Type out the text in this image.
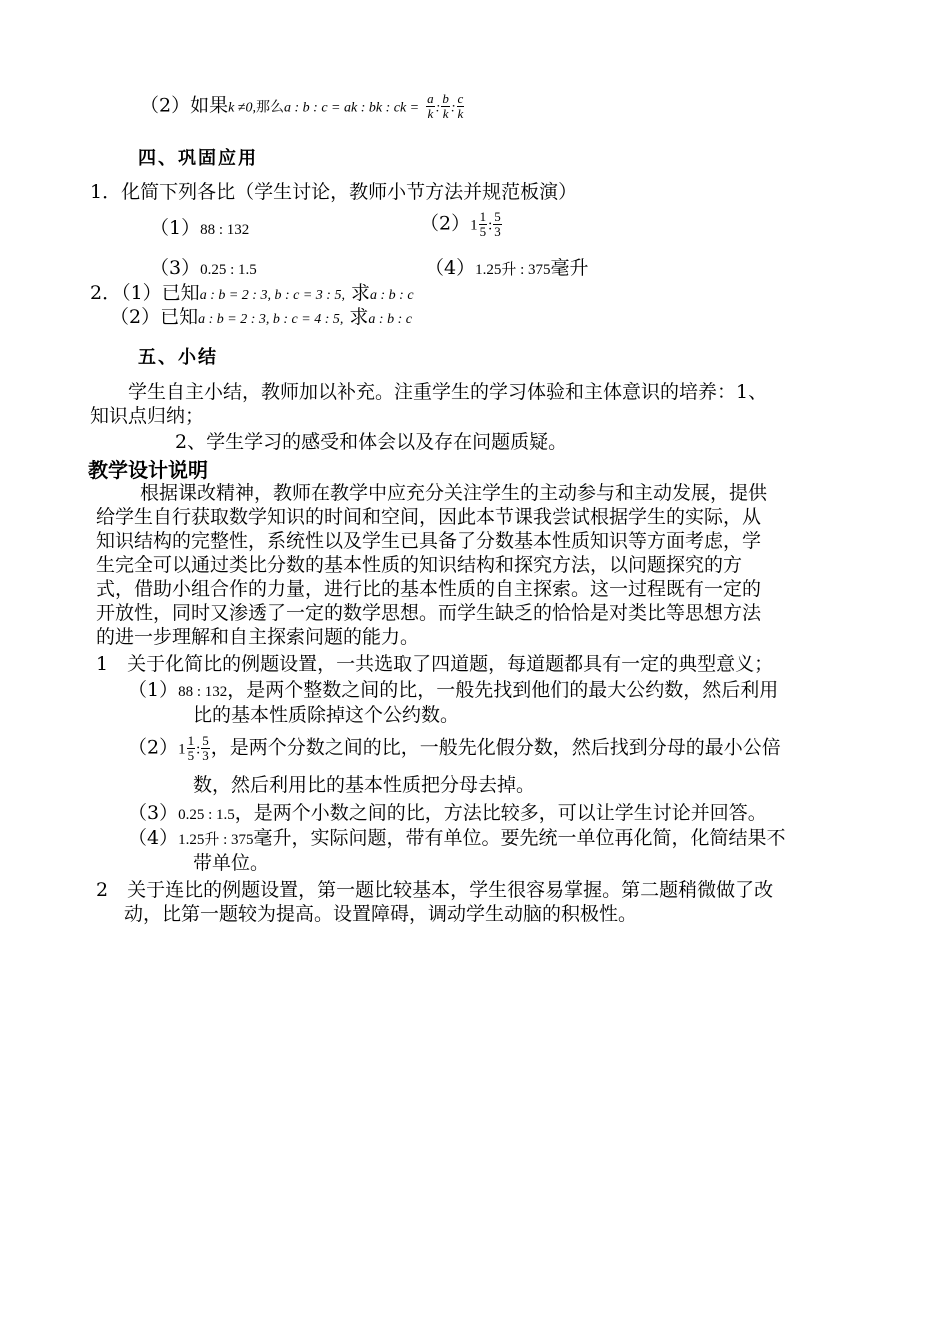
（2）如果k ≠0,那么a : b : c = ak : bk : ck = $\frac{a}{k}$ : $\frac{b}{k}$ : $\frac{c}{k}$
四、巩固应用
1．化简下列各比（学生讨论，教师小节方法并规范板演）
（1）88 : 132	$(2)1 \frac{1}{5}$ : $\frac{5}{3}$
（3）0.25 : 1.5	（4）1.25升 : 375毫升
2．（1）已知a : b = 2 : 3, b : c = 3 : 5, 求a : b : c
（2）已知a : b = 2 : 3, b : c = 4 : 5, 求a : b : c
五、小结
学生自主小结，教师加以补充。注重学生的学习体验和主体意识的培养：1、
知识点归纳；
2、学生学习的感受和体会以及存在问题质疑。
教学设计说明
根据课改精神，教师在教学中应充分关注学生的主动参与和主动发展，提供
给学生自行获取数学知识的时间和空间，因此本节课我尝试根据学生的实际，从
知识结构的完整性，系统性以及学生已具备了分数基本性质知识等方面考虑，学
生完全可以通过类比分数的基本性质的知识结构和探究方法，以问题探究的方
式，借助小组合作的力量，进行比的基本性质的自主探索。这一过程既有一定的
开放性，同时又渗透了一定的数学思想。而学生缺乏的恰恰是对类比等思想方法
的进一步理解和自主探索问题的能力。
1　关于化简比的例题设置，一共选取了四道题，每道题都具有一定的典型意义；
（1）88 : 132，是两个整数之间的比，一般先找到他们的最大公约数，然后利用
比的基本性质除掉这个公约数。
$(2)1 \frac{1}{5}$ : $\frac{5}{3}$ ，是两个分数之间的比，一般先化假分数，然后找到分母的最小公倍
数，然后利用比的基本性质把分母去掉。
（3）0.25 : 1.5，是两个小数之间的比，方法比较多，可以让学生讨论并回答。
（4）1.25升 : 375毫升，实际问题，带有单位。要先统一单位再化简，化简结果不
带单位。
2　关于连比的例题设置，第一题比较基本，学生很容易掌握。第二题稍微做了改
动，比第一题较为提高。设置障碍，调动学生动脑的积极性。
